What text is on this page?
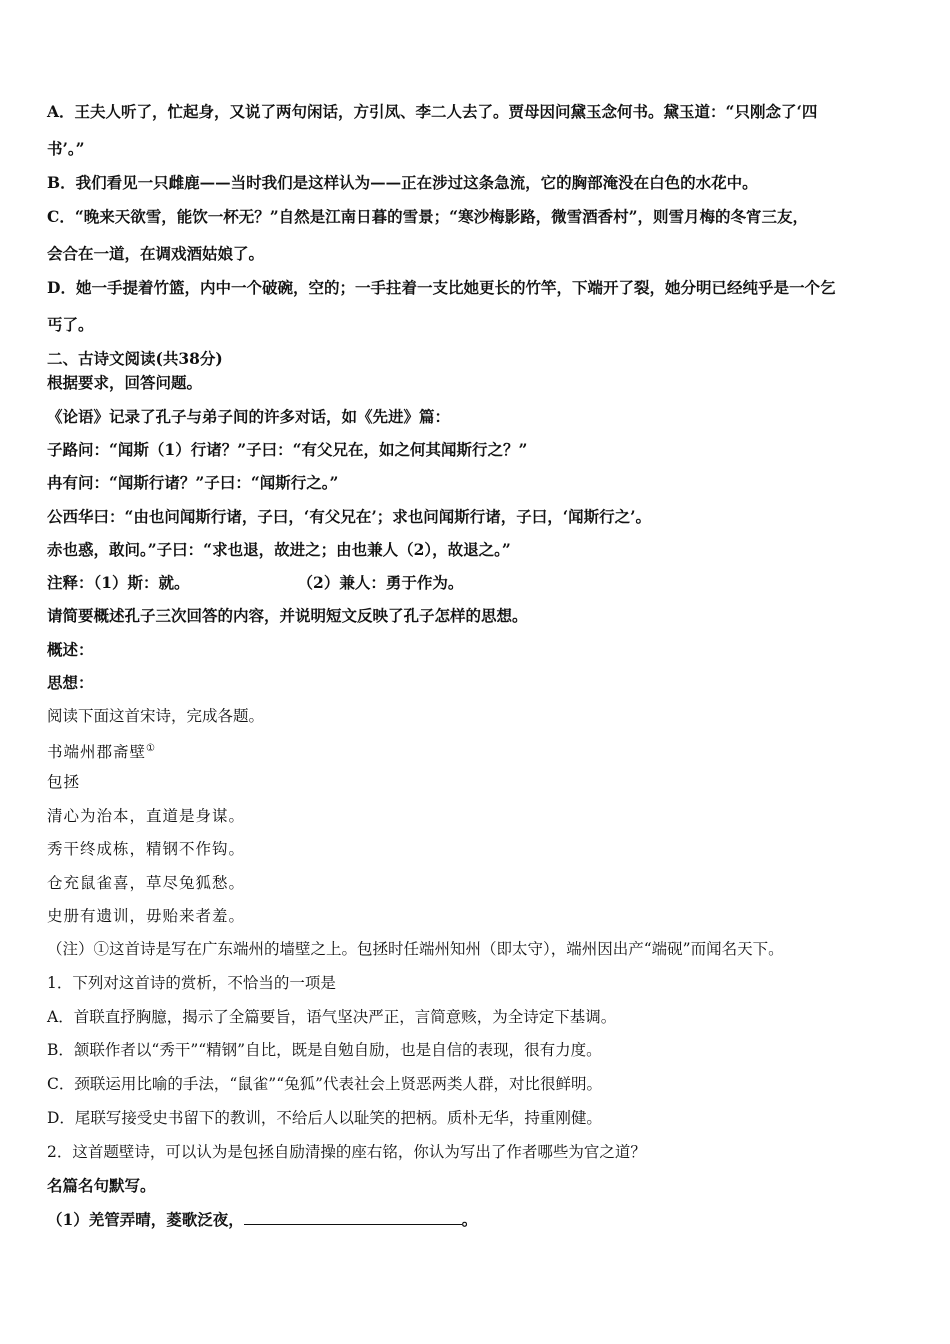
A．王夫人听了，忙起身，又说了两句闲话，方引凤、李二人去了。贾母因问黛玉念何书。黛玉道：“只刚念了‘四
书’。”
B．我们看见一只雌鹿——当时我们是这样认为——正在涉过这条急流，它的胸部淹没在白色的水花中。
C．“晚来天欲雪，能饮一杯无？”自然是江南日暮的雪景；“寒沙梅影路，微雪酒香村”，则雪月梅的冬宵三友，
会合在一道，在调戏酒姑娘了。
D．她一手提着竹篮，内中一个破碗，空的；一手拄着一支比她更长的竹竿，下端开了裂，她分明已经纯乎是一个乞
丐了。
二、古诗文阅读(共38分)
根据要求，回答问题。
《论语》记录了孔子与弟子间的许多对话，如《先进》篇：
子路问：“闻斯（1）行诸？”子曰：“有父兄在，如之何其闻斯行之？”
冉有问：“闻斯行诸？”子曰：“闻斯行之。”
公西华曰：“由也问闻斯行诸，子曰，‘有父兄在’；求也问闻斯行诸，子曰，‘闻斯行之’。
赤也惑，敢问。”子曰：“求也退，故进之；由也兼人（2），故退之。”
注释：（1）斯：就。	（2）兼人：勇于作为。
请简要概述孔子三次回答的内容，并说明短文反映了孔子怎样的思想。
概述：
思想：
阅读下面这首宋诗，完成各题。
书端州郡斋壁①
包拯
清心为治本，直道是身谋。
秀干终成栋，精钢不作钩。
仓充鼠雀喜，草尽兔狐愁。
史册有遗训，毋贻来者羞。
（注）①这首诗是写在广东端州的墙壁之上。包拯时任端州知州（即太守），端州因出产“端砚”而闻名天下。
1．下列对这首诗的赏析，不恰当的一项是
A．首联直抒胸臆，揭示了全篇要旨，语气坚决严正，言简意赅，为全诗定下基调。
B．颔联作者以“秀干”“精钢”自比，既是自勉自励，也是自信的表现，很有力度。
C．颈联运用比喻的手法，“鼠雀”“兔狐”代表社会上贤恶两类人群，对比很鲜明。
D．尾联写接受史书留下的教训，不给后人以耻笑的把柄。质朴无华，持重刚健。
2．这首题壁诗，可以认为是包拯自励清操的座右铭，你认为写出了作者哪些为官之道？
名篇名句默写。
（1）羌管弄晴，菱歌泛夜，	。
